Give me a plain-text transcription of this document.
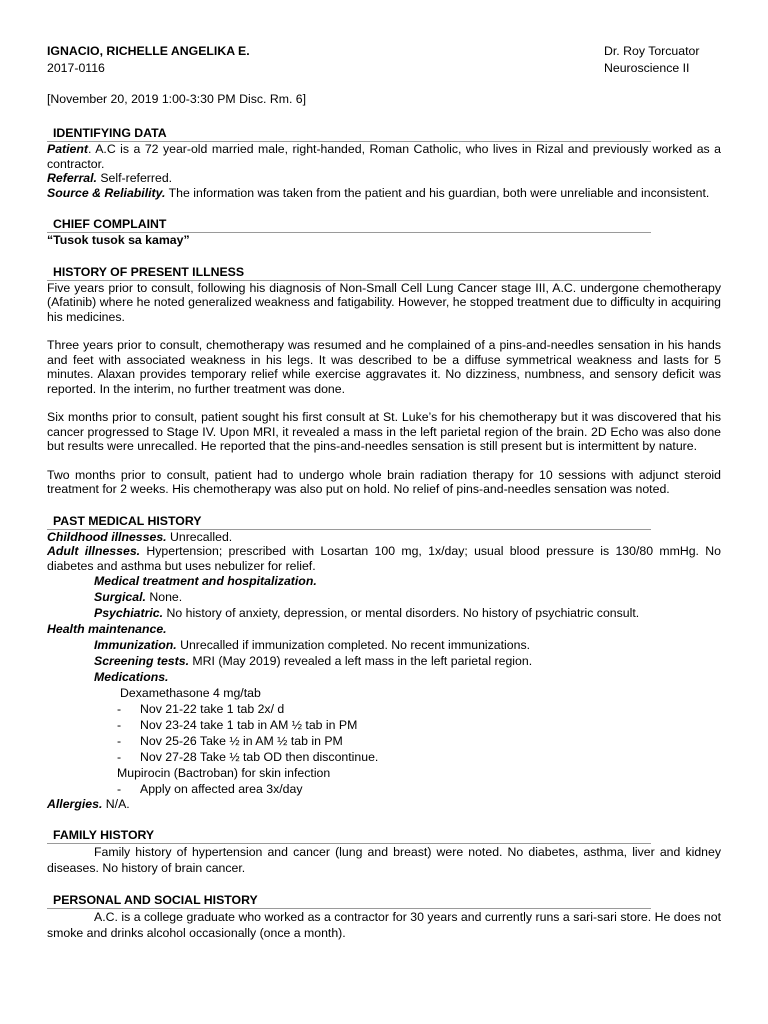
IGNACIO, RICHELLE ANGELIKA E.
2017-0116
Dr. Roy Torcuator
Neuroscience II
[November 20, 2019 1:00-3:30 PM Disc. Rm. 6]
IDENTIFYING DATA

Patient. A.C is a 72 year-old married male, right-handed, Roman Catholic, who lives in Rizal and previously worked as a contractor.

Referral. Self-referred.

Source & Reliability. The information was taken from the patient and his guardian, both were unreliable and inconsistent.

CHIEF COMPLAINT

“Tusok tusok sa kamay”

HISTORY OF PRESENT ILLNESS

Five years prior to consult, following his diagnosis of Non-Small Cell Lung Cancer stage III, A.C. undergone chemotherapy (Afatinib) where he noted generalized weakness and fatigability. However, he stopped treatment due to difficulty in acquiring his medicines.

Three years prior to consult, chemotherapy was resumed and he complained of a pins-and-needles sensation in his hands and feet with associated weakness in his legs. It was described to be a diffuse symmetrical weakness and lasts for 5 minutes. Alaxan provides temporary relief while exercise aggravates it. No dizziness, numbness, and sensory deficit was reported. In the interim, no further treatment was done.

Six months prior to consult, patient sought his first consult at St. Luke’s for his chemotherapy but it was discovered that his cancer progressed to Stage IV. Upon MRI, it revealed a mass in the left parietal region of the brain. 2D Echo was also done but results were unrecalled. He reported that the pins-and-needles sensation is still present but is intermittent by nature.

Two months prior to consult, patient had to undergo whole brain radiation therapy for 10 sessions with adjunct steroid treatment for 2 weeks. His chemotherapy was also put on hold. No relief of pins-and-needles sensation was noted.

PAST MEDICAL HISTORY

Childhood illnesses. Unrecalled.

Adult illnesses. Hypertension; prescribed with Losartan 100 mg, 1x/day; usual blood pressure is 130/80 mmHg. No diabetes and asthma but uses nebulizer for relief.

Medical treatment and hospitalization.

Surgical. None.

Psychiatric. No history of anxiety, depression, or mental disorders. No history of psychiatric consult.

Health maintenance.

Immunization. Unrecalled if immunization completed. No recent immunizations.

Screening tests. MRI (May 2019) revealed a left mass in the left parietal region.

Medications.

Dexamethasone 4 mg/tab

-	Nov 21-22 take 1 tab 2x/ d
-	Nov 23-24 take 1 tab in AM ½ tab in PM
-	Nov 25-26 Take ½ in AM ½ tab in PM
-	Nov 27-28 Take ½ tab OD then discontinue.

Mupirocin (Bactroban) for skin infection

-	Apply on affected area 3x/day

Allergies. N/A.

FAMILY HISTORY

Family history of hypertension and cancer (lung and breast) were noted. No diabetes, asthma, liver and kidney diseases. No history of brain cancer.

PERSONAL AND SOCIAL HISTORY

A.C. is a college graduate who worked as a contractor for 30 years and currently runs a sari-sari store. He does not smoke and drinks alcohol occasionally (once a month).
